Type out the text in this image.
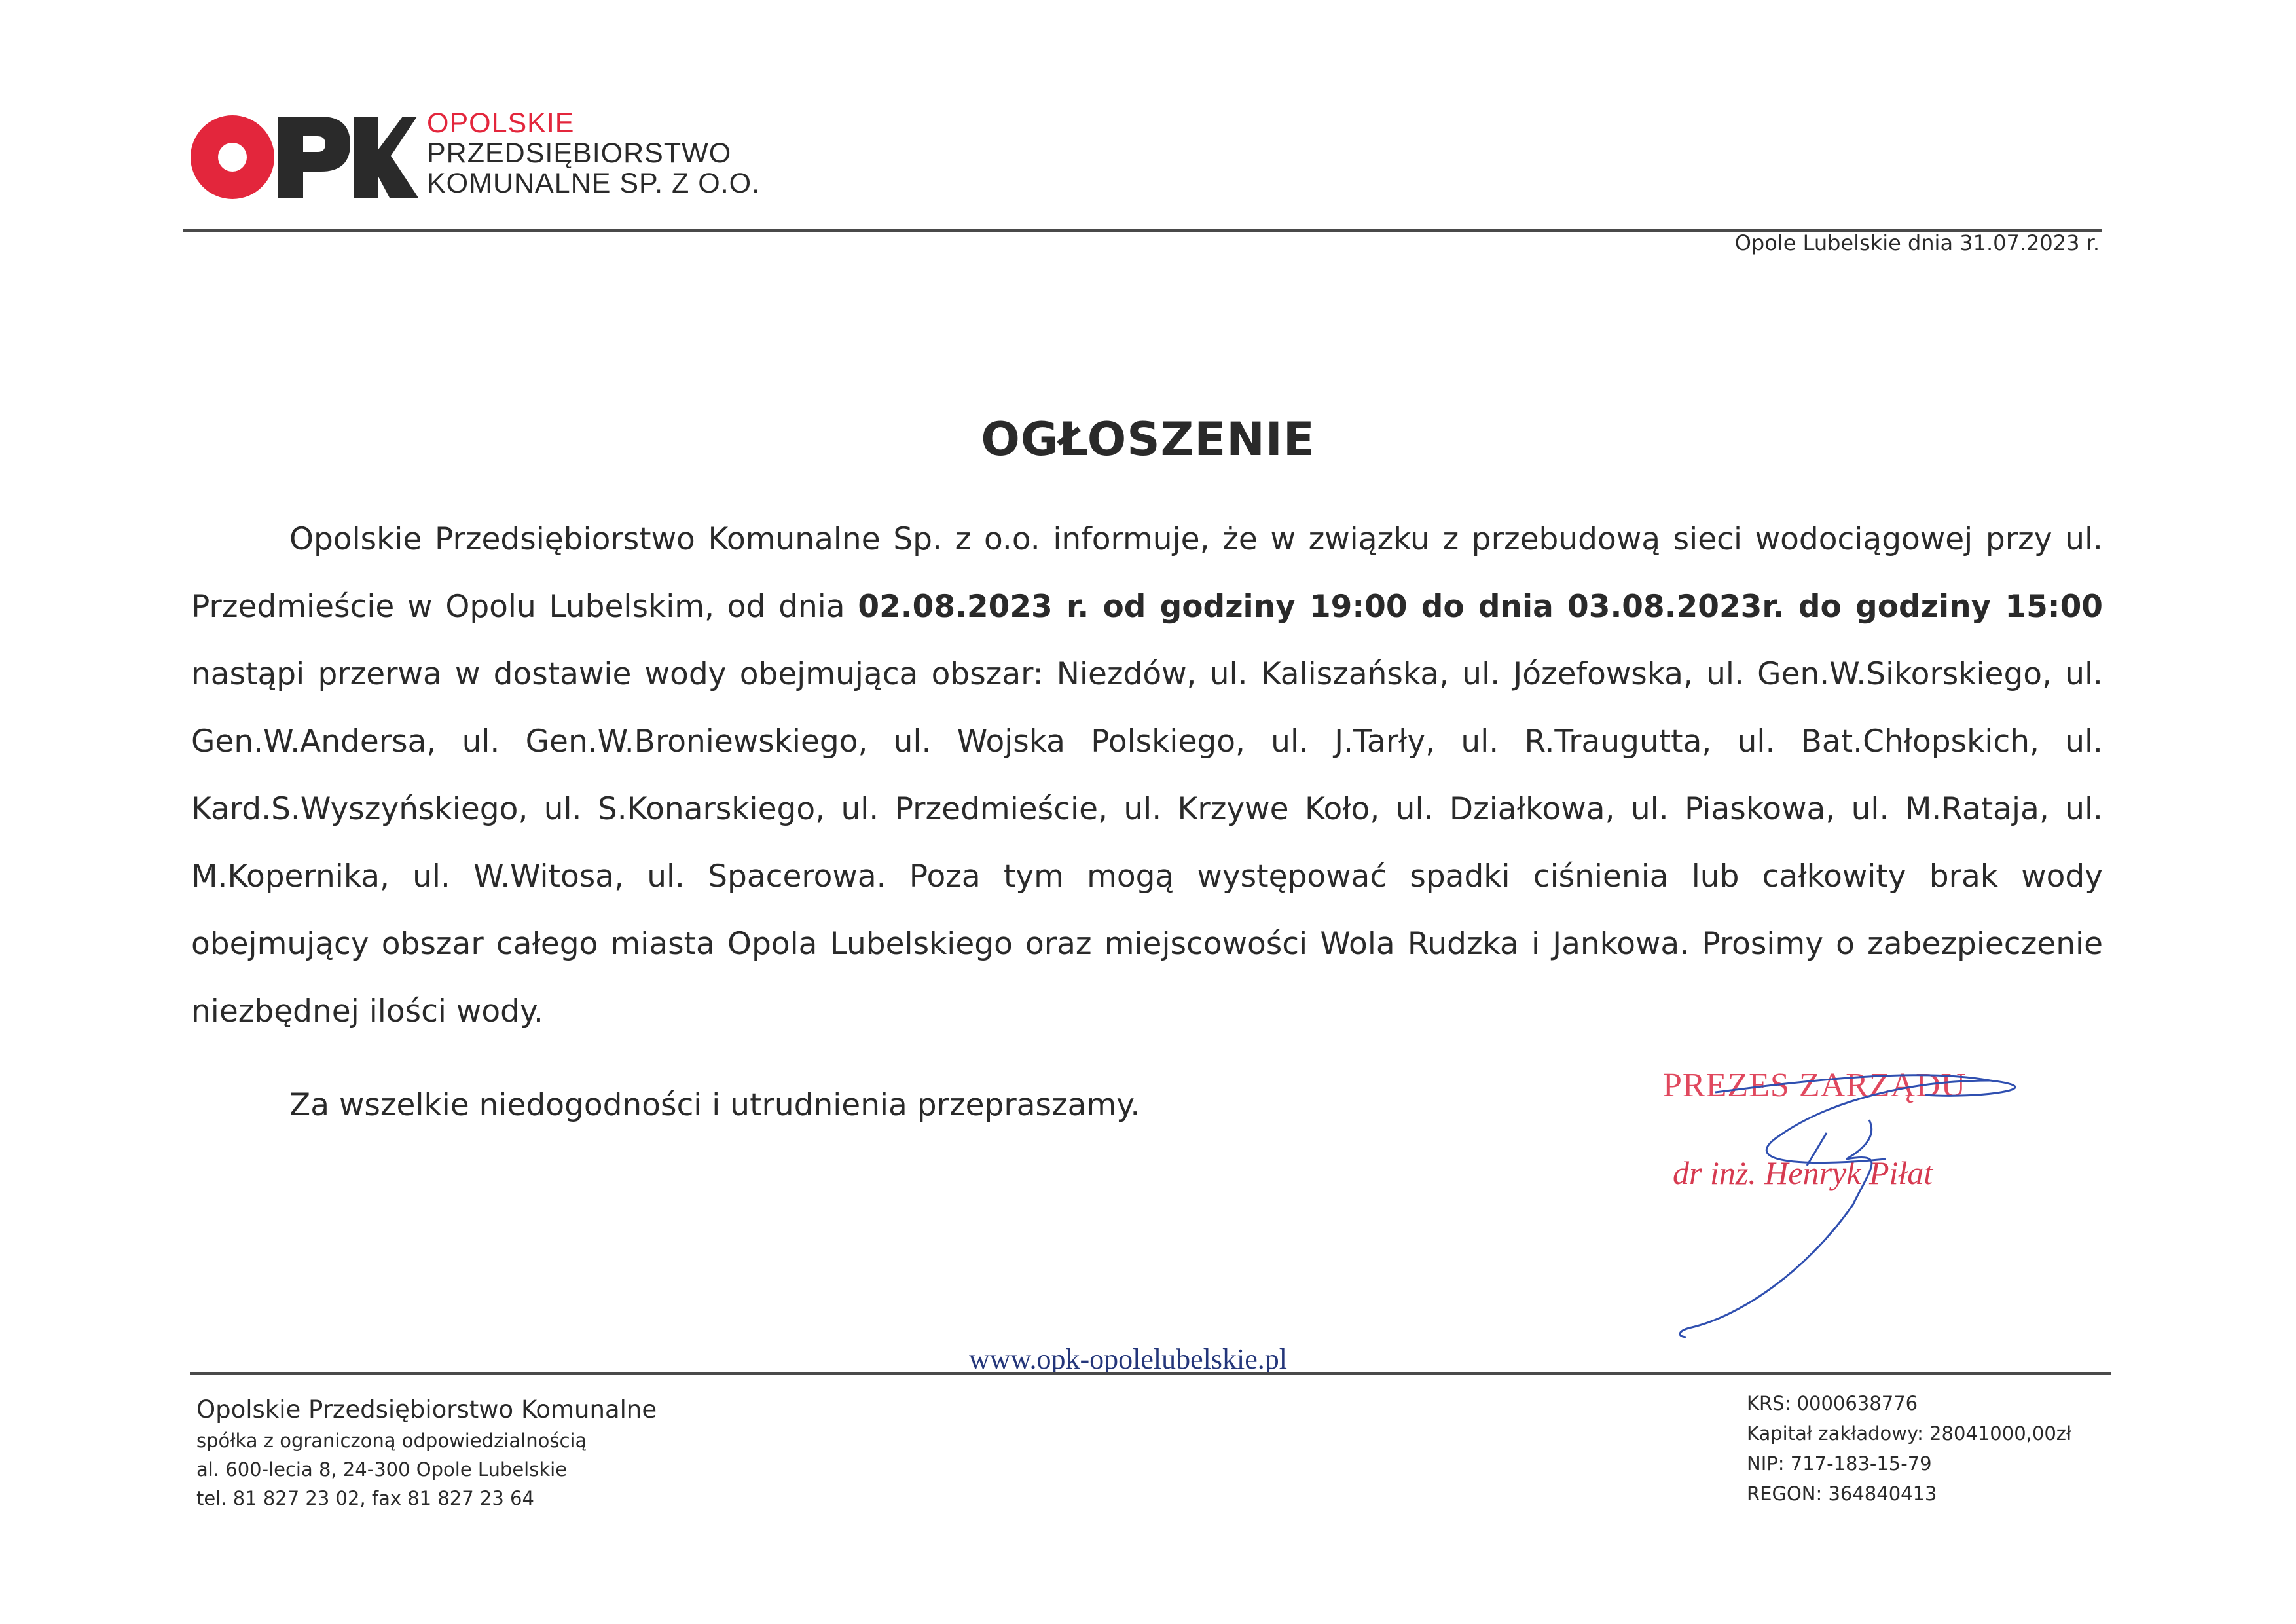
OPOLSKIE
PRZEDSIĘBIORSTWO
KOMUNALNE SP. Z O.O.
Opole Lubelskie dnia 31.07.2023 r.
OGŁOSZENIE
Opolskie Przedsiębiorstwo Komunalne Sp. z o.o. informuje, że w związku z przebudową sieci wodociągowej przy ul. Przedmieście w Opolu Lubelskim, od dnia 02.08.2023 r. od godziny 19:00 do dnia 03.08.2023r. do godziny 15:00 nastąpi przerwa w dostawie wody obejmująca obszar: Niezdów, ul. Kaliszańska, ul. Józefowska, ul. Gen.W.Sikorskiego, ul. Gen.W.Andersa, ul. Gen.W.Broniewskiego, ul. Wojska Polskiego, ul. J.Tarły, ul. R.Traugutta, ul. Bat.Chłopskich, ul. Kard.S.Wyszyńskiego, ul. S.Konarskiego, ul. Przedmieście, ul. Krzywe Koło, ul. Działkowa, ul. Piaskowa, ul. M.Rataja, ul. M.Kopernika, ul. W.Witosa, ul. Spacerowa. Poza tym mogą występować spadki ciśnienia lub całkowity brak wody obejmujący obszar całego miasta Opola Lubelskiego oraz miejscowości Wola Rudzka i Jankowa. Prosimy o zabezpieczenie niezbędnej ilości wody.
Za wszelkie niedogodności i utrudnienia przepraszamy.
PREZES ZARZĄDU
dr inż. Henryk Piłat
www.opk-opolelubelskie.pl
Opolskie Przedsiębiorstwo Komunalne
spółka z ograniczoną odpowiedzialnością
al. 600-lecia 8, 24-300 Opole Lubelskie
tel. 81 827 23 02, fax 81 827 23 64
KRS: 0000638776
Kapitał zakładowy: 28041000,00zł
NIP: 717-183-15-79
REGON: 364840413
